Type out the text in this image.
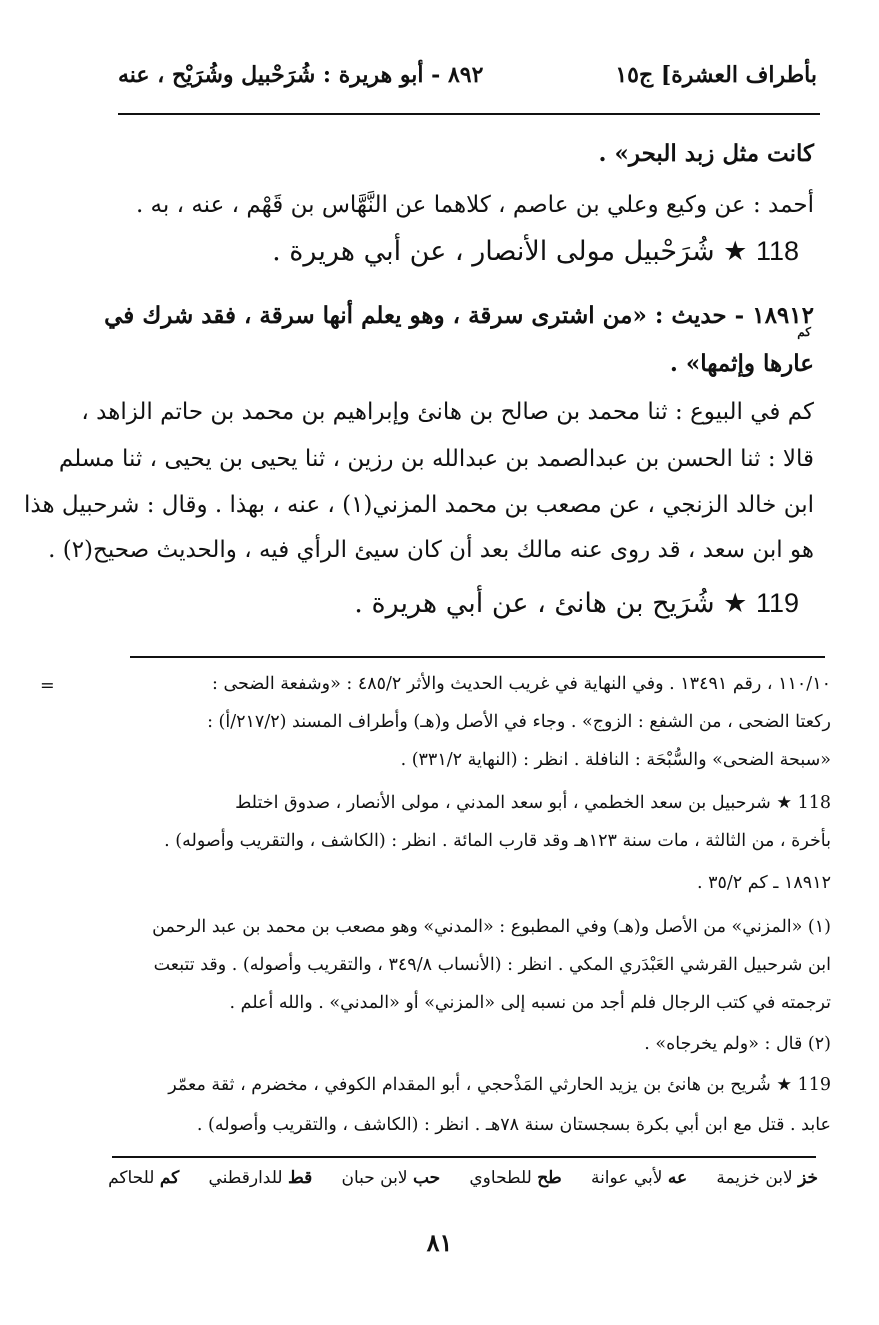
بأطراف العشرة] ج١٥
٨٩٢ - أبو هريرة : شُرَحْبيل وشُرَيْح ، عنه
كانت مثل زبد البحر» .
أحمد : عن وكيع وعلي بن عاصم ، كلاهما عن النَّهَّاس بن قَهْم ، عنه ، به .
118 ★ شُرَحْبيل مولى الأنصار ، عن أبي هريرة .
١٨٩١٢ - حديث : «من اشترى سرقة ، وهو يعلم أنها سرقة ، فقد شرك في
كم
عارها وإثمها» .
كم في البيوع : ثنا محمد بن صالح بن هانئ وإبراهيم بن محمد بن حاتم الزاهد ،
قالا : ثنا الحسن بن عبدالصمد بن عبدالله بن رزين ، ثنا يحيى بن يحيى ، ثنا مسلم
ابن خالد الزنجي ، عن مصعب بن محمد المزني(١) ، عنه ، بهذا . وقال : شرحبيل هذا
هو ابن سعد ، قد روى عنه مالك بعد أن كان سيئ الرأي فيه ، والحديث صحيح(٢) .
119 ★ شُرَيح بن هانئ ، عن أبي هريرة .
=	١١٠/١٠ ، رقم ١٣٤٩١ . وفي النهاية في غريب الحديث والأثر ٤٨٥/٢ : «وشفعة الضحى :
ركعتا الضحى ، من الشفع : الزوج» . وجاء في الأصل و(هـ) وأطراف المسند (٢١٧/٢/أ) :
«سبحة الضحى» والسُّبْحَة : النافلة . انظر : (النهاية ٣٣١/٢) .
118 ★ شرحبيل بن سعد الخطمي ، أبو سعد المدني ، مولى الأنصار ، صدوق اختلط
بأخرة ، من الثالثة ، مات سنة ١٢٣هـ وقد قارب المائة . انظر : (الكاشف ، والتقريب وأصوله) .
١٨٩١٢ ـ كم ٣٥/٢ .
(١) «المزني» من الأصل و(هـ) وفي المطبوع : «المدني» وهو مصعب بن محمد بن عبد الرحمن
ابن شرحبيل القرشي العَبْدَري المكي . انظر : (الأنساب ٣٤٩/٨ ، والتقريب وأصوله) . وقد تتبعت
ترجمته في كتب الرجال فلم أجد من نسبه إلى «المزني» أو «المدني» . والله أعلم .
(٢) قال : «ولم يخرجاه» .
119 ★ شُريح بن هانئ بن يزيد الحارثي المَذْحجي ، أبو المقدام الكوفي ، مخضرم ، ثقة معمّر
عابد . قتل مع ابن أبي بكرة بسجستان سنة ٧٨هـ . انظر : (الكاشف ، والتقريب وأصوله) .
خز لابن خزيمة
عه لأبي عوانة
طح للطحاوي
حب لابن حبان
قط للدارقطني
كم للحاكم
٨١
